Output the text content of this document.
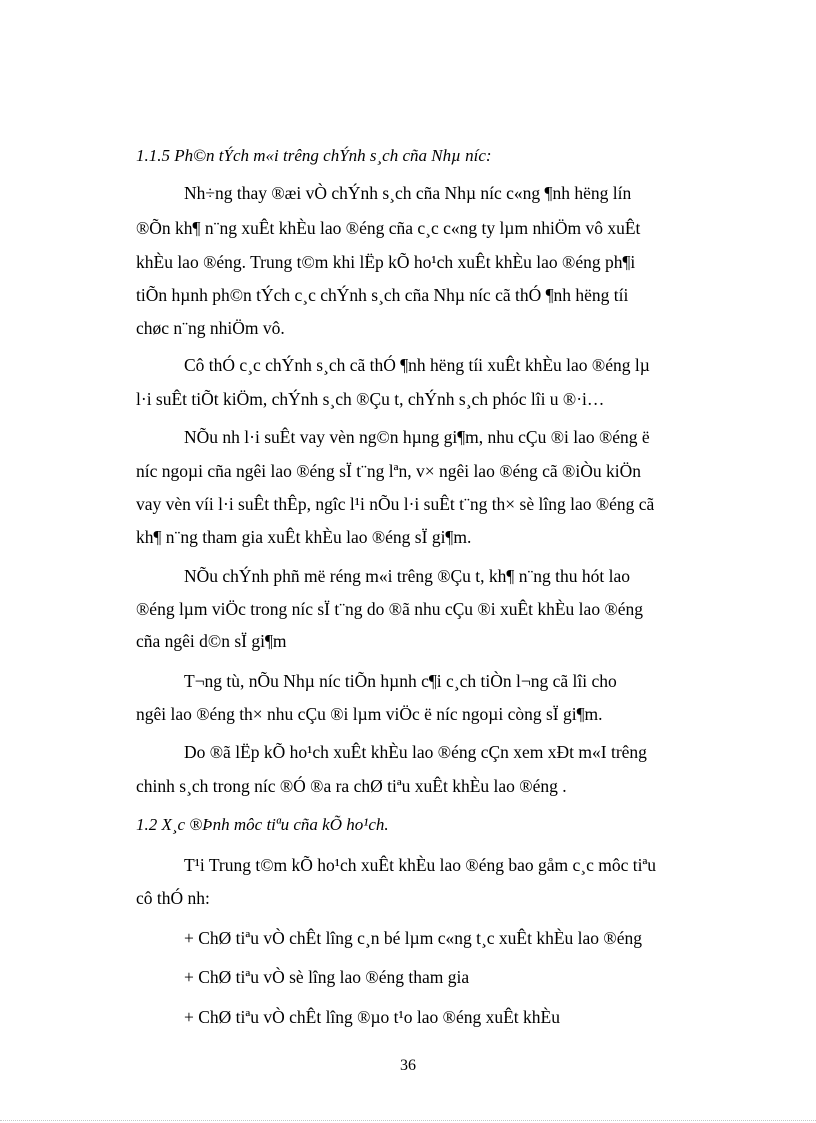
1.1.5 Ph©n tÝch m«i trêng chÝnh s¸ch cña Nhµ níc:
Nh÷ng thay ®æi vÒ chÝnh s¸ch cña Nhµ níc c«ng ¶nh hëng lín
®Õn kh¶ n¨ng xuÊt khÈu lao ®éng cña c¸c c«ng ty lµm nhiÖm vô xuÊt
khÈu lao ®éng. Trung t©m khi lËp kÕ ho¹ch xuÊt khÈu lao ®éng ph¶i
tiÕn hµnh ph©n tÝch c¸c chÝnh s¸ch cña Nhµ níc cã thÓ ¶nh hëng tíi
chøc n¨ng nhiÖm vô.
Cô thÓ c¸c chÝnh s¸ch cã thÓ ¶nh hëng tíi xuÊt khÈu lao ®éng lµ
l·i suÊt tiÕt kiÖm, chÝnh s¸ch ®Çu t, chÝnh s¸ch phóc lîi u ®·i…
NÕu nh l·i suÊt vay vèn ng©n hµng gi¶m, nhu cÇu ®i lao ®éng ë
níc ngoµi cña ngêi lao ®éng sÏ t¨ng lªn, v× ngêi lao ®éng cã ®iÒu kiÖn
vay vèn víi l·i suÊt thÊp, ngîc l¹i nÕu l·i suÊt t¨ng th× sè lîng lao ®éng cã
kh¶ n¨ng tham gia xuÊt khÈu lao ®éng sÏ gi¶m.
NÕu chÝnh phñ më réng m«i trêng ®Çu t, kh¶ n¨ng thu hót lao
®éng lµm viÖc trong níc sÏ t¨ng do ®ã nhu cÇu ®i xuÊt khÈu lao ®éng
cña ngêi d©n sÏ gi¶m
T¬ng tù, nÕu Nhµ níc tiÕn hµnh c¶i c¸ch tiÒn l¬ng cã lîi cho
ngêi lao ®éng th× nhu cÇu ®i lµm viÖc ë níc ngoµi còng sÏ gi¶m.
Do ®ã lËp kÕ ho¹ch xuÊt khÈu lao ®éng cÇn xem xÐt m«I trêng
chinh s¸ch trong níc ®Ó ®a ra chØ tiªu xuÊt khÈu lao ®éng .
1.2 X¸c ®Þnh môc tiªu cña kÕ ho¹ch.
T¹i Trung t©m kÕ ho¹ch xuÊt khÈu lao ®éng bao gåm c¸c môc tiªu
cô thÓ nh:
+ ChØ tiªu vÒ chÊt lîng c¸n bé lµm c«ng t¸c xuÊt khÈu lao ®éng
+ ChØ tiªu vÒ sè lîng lao ®éng tham gia
+ ChØ tiªu vÒ chÊt lîng ®µo t¹o lao ®éng xuÊt khÈu
36
